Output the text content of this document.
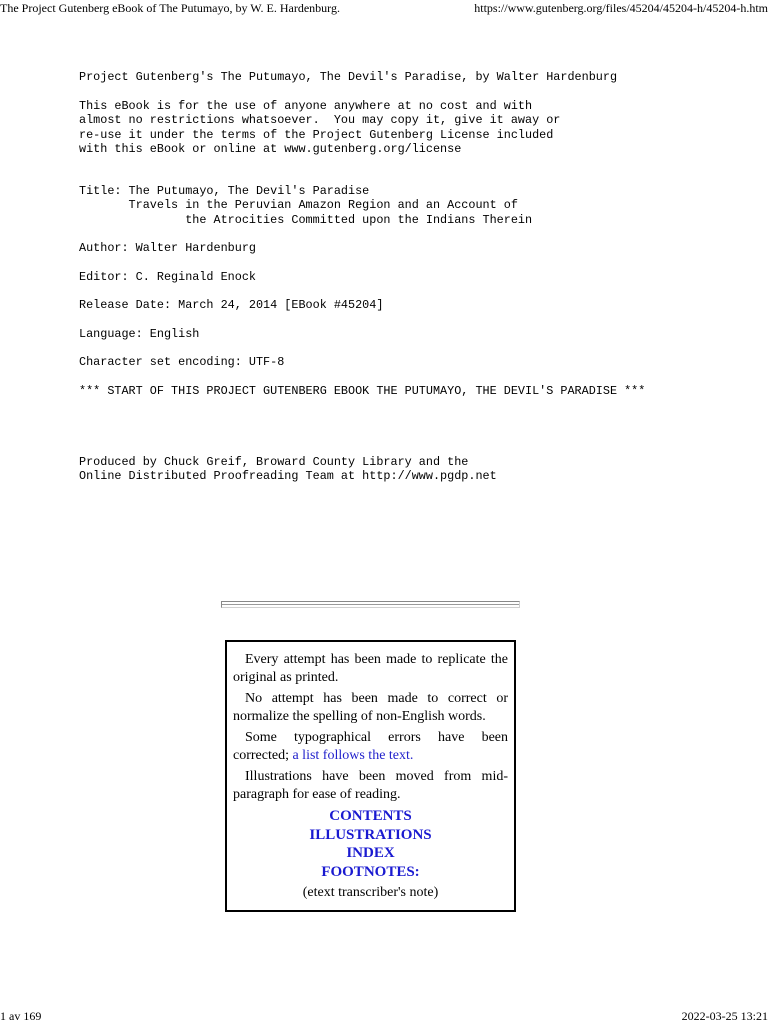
The Project Gutenberg eBook of The Putumayo, by W. E. Hardenburg.	https://www.gutenberg.org/files/45204/45204-h/45204-h.htm
Project Gutenberg's The Putumayo, The Devil's Paradise, by Walter Hardenburg
This eBook is for the use of anyone anywhere at no cost and with
almost no restrictions whatsoever.  You may copy it, give it away or
re-use it under the terms of the Project Gutenberg License included
with this eBook or online at www.gutenberg.org/license
Title: The Putumayo, The Devil's Paradise
Travels in the Peruvian Amazon Region and an Account of
the Atrocities Committed upon the Indians Therein
Author: Walter Hardenburg
Editor: C. Reginald Enock
Release Date: March 24, 2014 [EBook #45204]
Language: English
Character set encoding: UTF-8
*** START OF THIS PROJECT GUTENBERG EBOOK THE PUTUMAYO, THE DEVIL'S PARADISE ***
Produced by Chuck Greif, Broward County Library and the
Online Distributed Proofreading Team at http://www.pgdp.net

Every attempt has been made to replicate the original as printed.

No attempt has been made to correct or normalize the spelling of non-English words.

Some typographical errors have been corrected; a list follows the text.

Illustrations have been moved from mid-paragraph for ease of reading.

CONTENTS
ILLUSTRATIONS
INDEX
FOOTNOTES:
(etext transcriber's note)
1 av 169	2022-03-25 13:21
